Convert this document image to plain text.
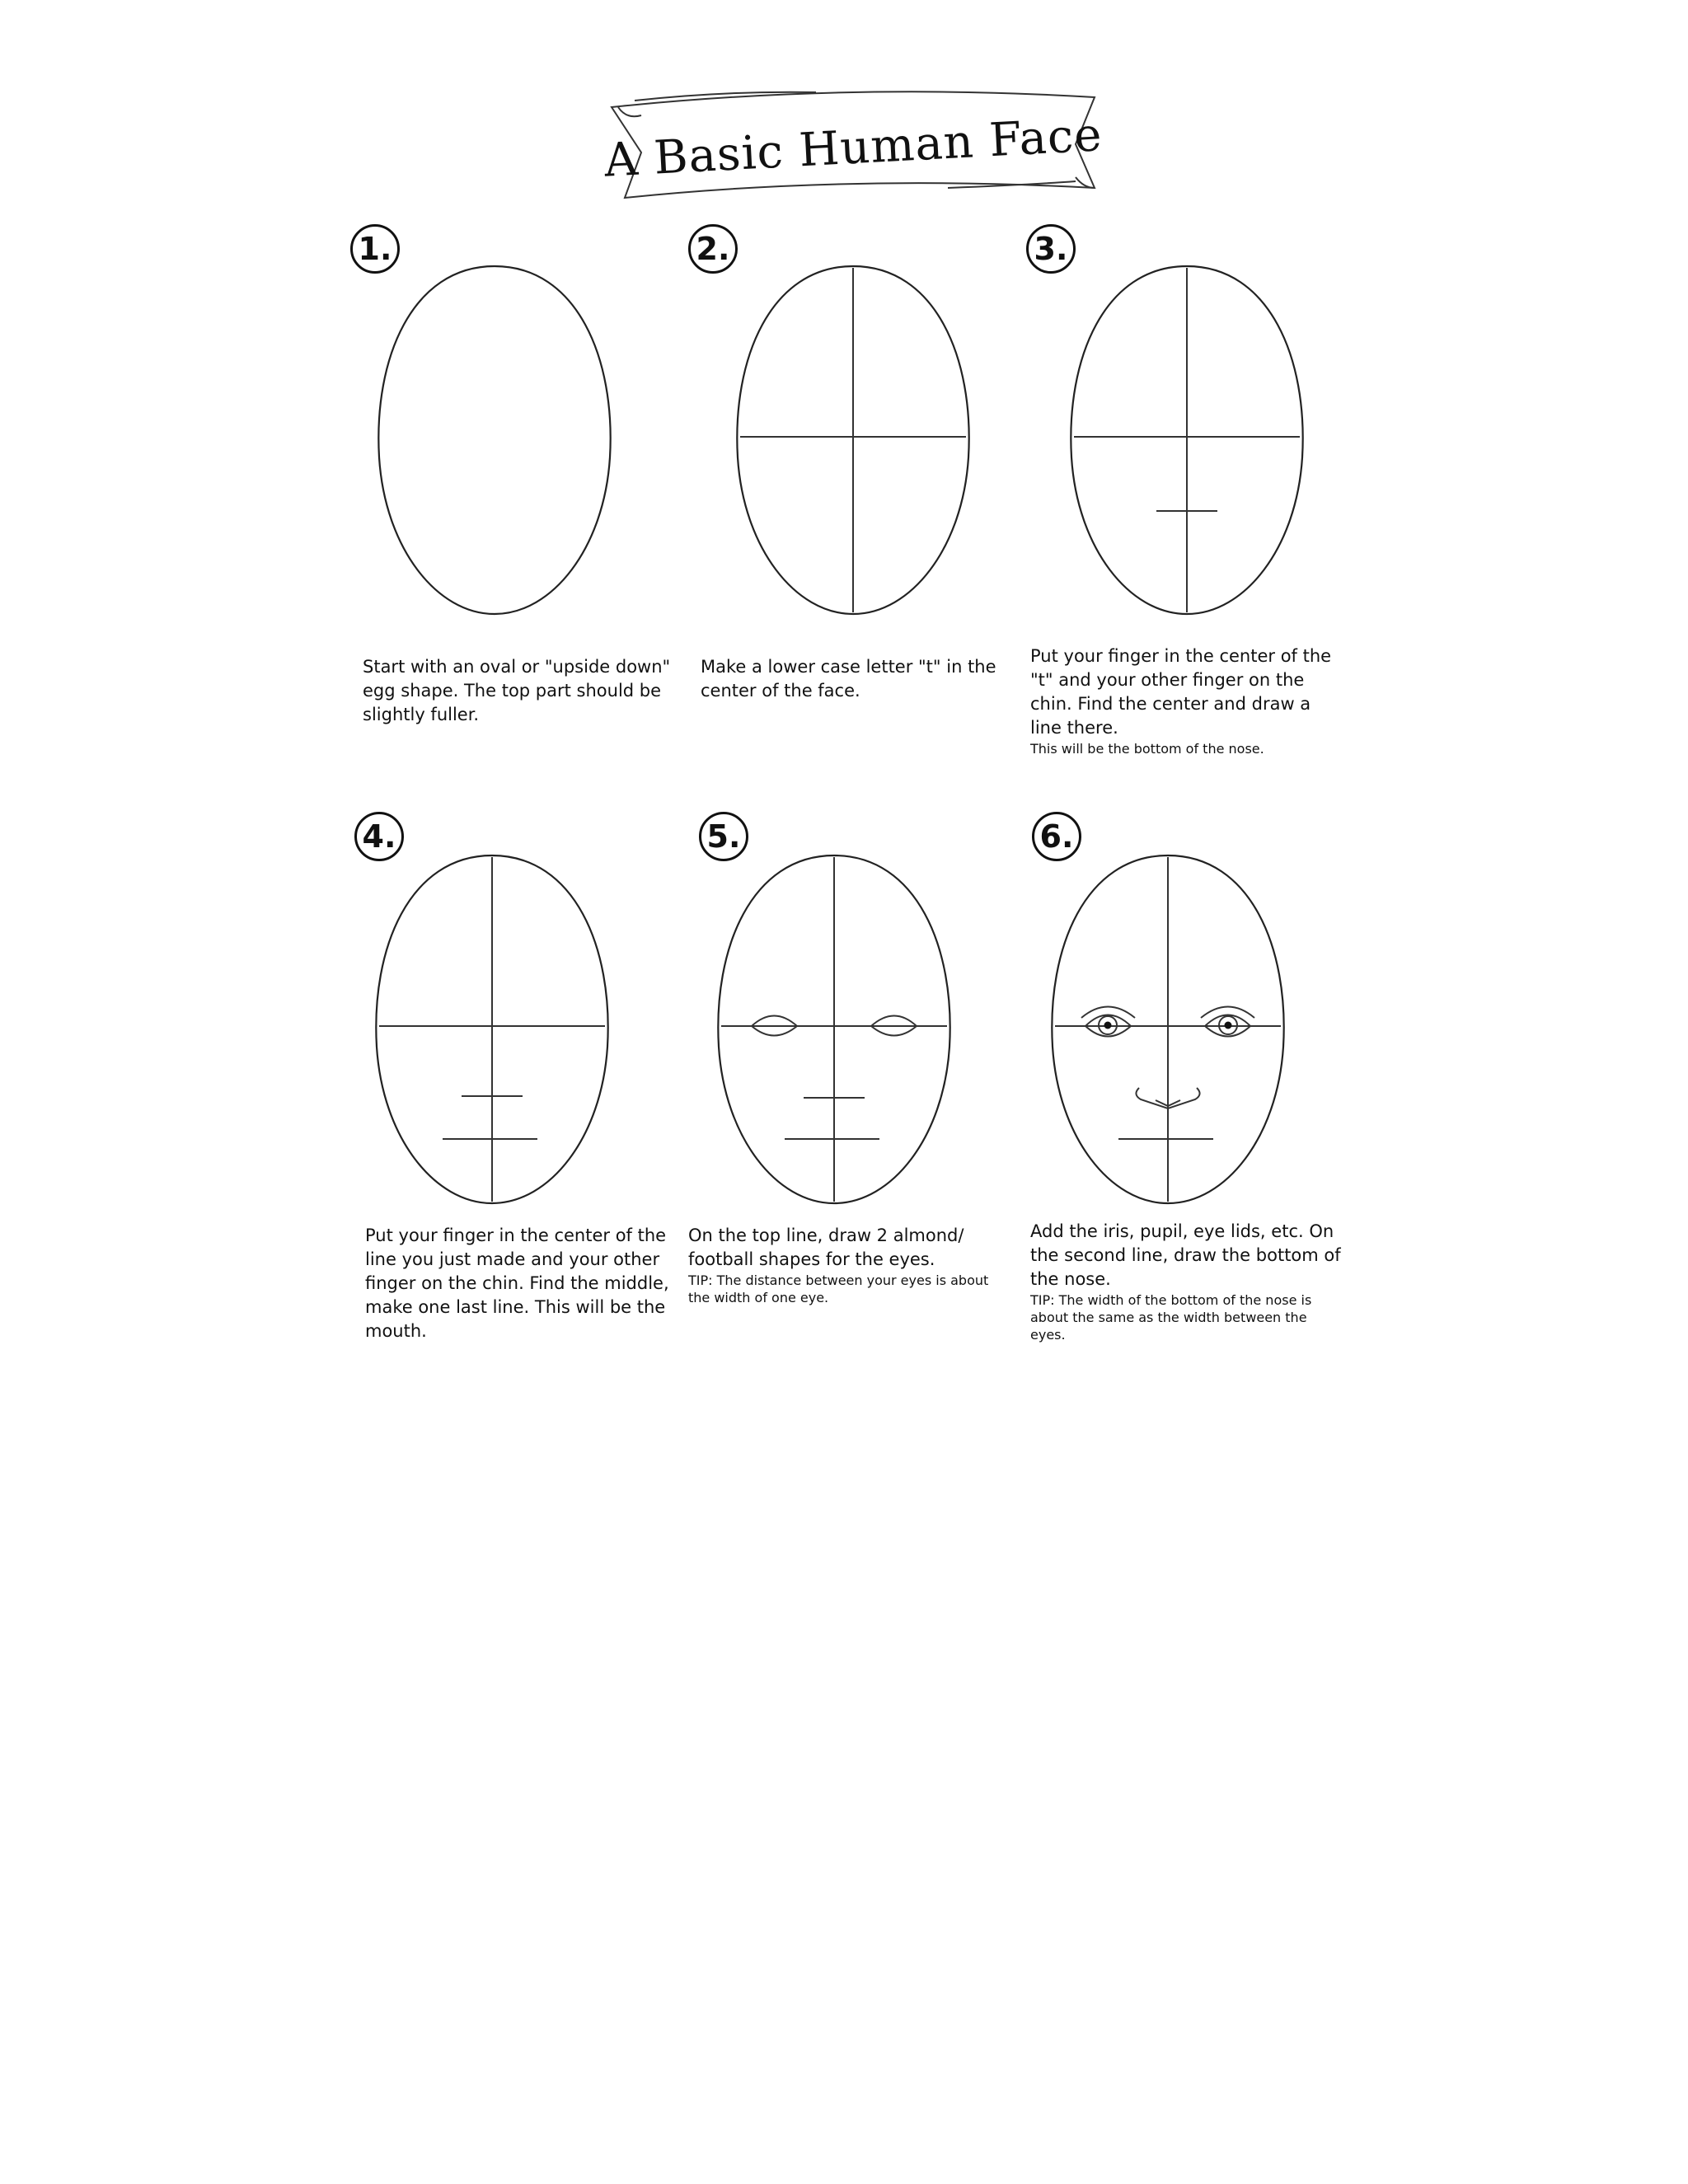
A Basic Human Face
1.
Start with an oval or "upside down" egg shape. The top part should be slightly fuller.
2.
Make a lower case letter "t" in the center of the face.
3.
Put your finger in the center of the "t" and your other finger on the chin. Find the center and draw a line there.
This will be the bottom of the nose.
4.
Put your finger in the center of the line you just made and your other finger on the chin. Find the middle, make one last line. This will be the mouth.
5.
On the top line, draw 2 almond/ football shapes for the eyes.
TIP: The distance between your eyes is about the width of one eye.
6.
Add the iris, pupil, eye lids, etc. On the second line, draw the bottom of the nose.
TIP: The width of the bottom of the nose is about the same as the width between the eyes.
